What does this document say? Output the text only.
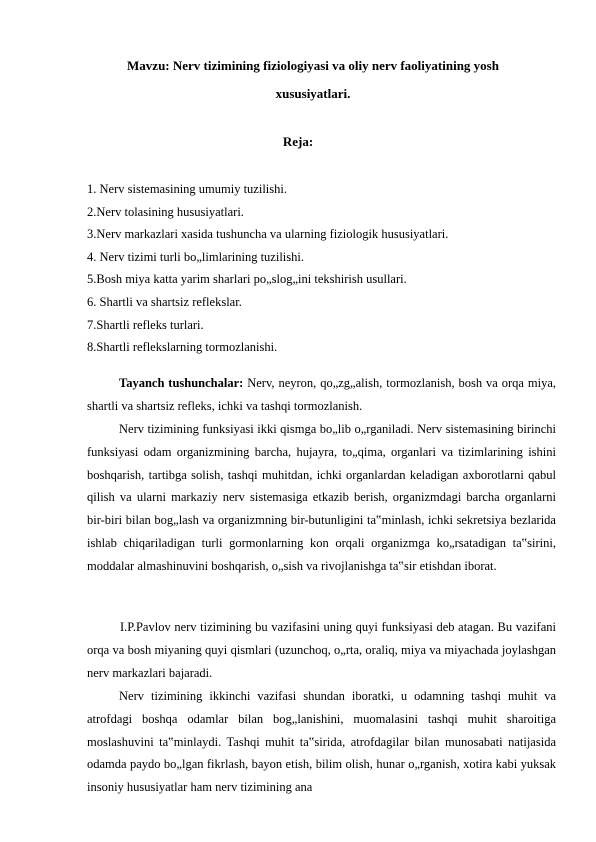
Mavzu: Nerv tizimining fiziologiyasi va oliy nerv faoliyatining yosh xususiyatlari.
Reja:
1. Nerv sistemasining umumiy tuzilishi.
2.Nerv tolasining hususiyatlari.
3.Nerv markazlari xasida tushuncha va ularning fiziologik hususiyatlari.
4. Nerv tizimi turli bo„limlarining tuzilishi.
5.Bosh miya katta yarim sharlari po„slog„ini tekshirish usullari.
6. Shartli va shartsiz reflekslar.
7.Shartli refleks turlari.
8.Shartli reflekslarning tormozlanishi.

Tayanch tushunchalar: Nerv, neyron, qo„zg„alish, tormozlanish, bosh va orqa miya, shartli va shartsiz refleks, ichki va tashqi tormozlanish.

Nerv tizimining funksiyasi ikki qismga bo„lib o„rganiladi. Nerv sistemasining birinchi funksiyasi odam organizmining barcha, hujayra, to„qima, organlari va tizimlarining ishini boshqarish, tartibga solish, tashqi muhitdan, ichki organlardan keladigan axborotlarni qabul qilish va ularni markaziy nerv sistemasiga etkazib berish, organizmdagi barcha organlarni bir-biri bilan bog„lash va organizmning bir-butunligini ta‟minlash, ichki sekretsiya bezlarida ishlab chiqariladigan turli gormonlarning kon orqali organizmga ko„rsatadigan ta‟sirini, moddalar almashinuvini boshqarish, o„sish va rivojlanishga ta‟sir etishdan iborat.

I.P.Pavlov nerv tizimining bu vazifasini uning quyi funksiyasi deb atagan. Bu vazifani orqa va bosh miyaning quyi qismlari (uzunchoq, o„rta, oraliq, miya va miyachada joylashgan nerv markazlari bajaradi.

Nerv tizimining ikkinchi vazifasi shundan iboratki, u odamning tashqi muhit va atrofdagi boshqa odamlar bilan bog„lanishini, muomalasini tashqi muhit sharoitiga moslashuvini ta‟minlaydi. Tashqi muhit ta‟sirida, atrofdagilar bilan munosabati natijasida odamda paydo bo„lgan fikrlash, bayon etish, bilim olish, hunar o„rganish, xotira kabi yuksak insoniy hususiyatlar ham nerv tizimining ana
